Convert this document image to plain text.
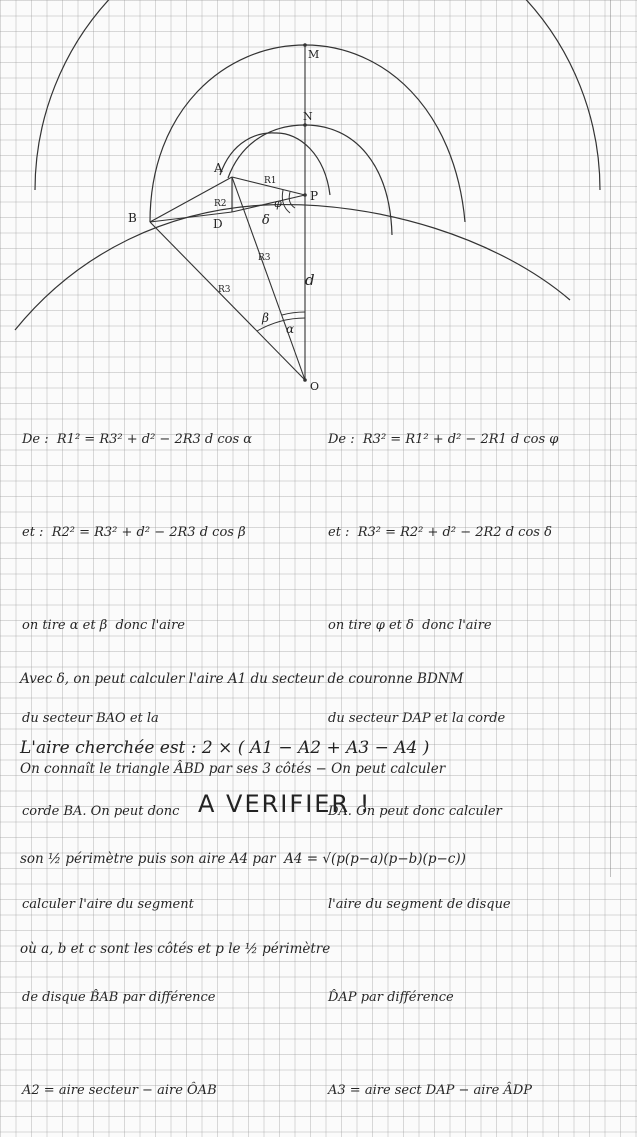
M
N
A
B
P
D
O
R1
R2
R3
R3
d
β
α
δ
φ

De :  R1² = R3² + d² − 2R3 d cos α

et :  R2² = R3² + d² − 2R3 d cos β

on tire α et β  donc l'aire

du secteur BAO et la

corde BA. On peut donc

calculer l'aire du segment

de disque B̂AB par différence

A2 = aire secteur − aire ÔAB

De :  R3² = R1² + d² − 2R1 d cos φ

et :  R3² = R2² + d² − 2R2 d cos δ

on tire φ et δ  donc l'aire

du secteur DAP et la corde

DA. On peut donc calculer

l'aire du segment de disque

D̂AP par différence

A3 = aire sect DAP − aire ÂDP

Avec δ, on peut calculer l'aire A1 du secteur de couronne BDNM

On connaît le triangle ÂBD par ses 3 côtés − On peut calculer

son ½ périmètre puis son aire A4 par  A4 = √(p(p−a)(p−b)(p−c))

où a, b et c sont les côtés et p le ½ périmètre

L'aire cherchée est : 2 × ( A1 − A2 + A3 − A4 )
A VERIFIER !
